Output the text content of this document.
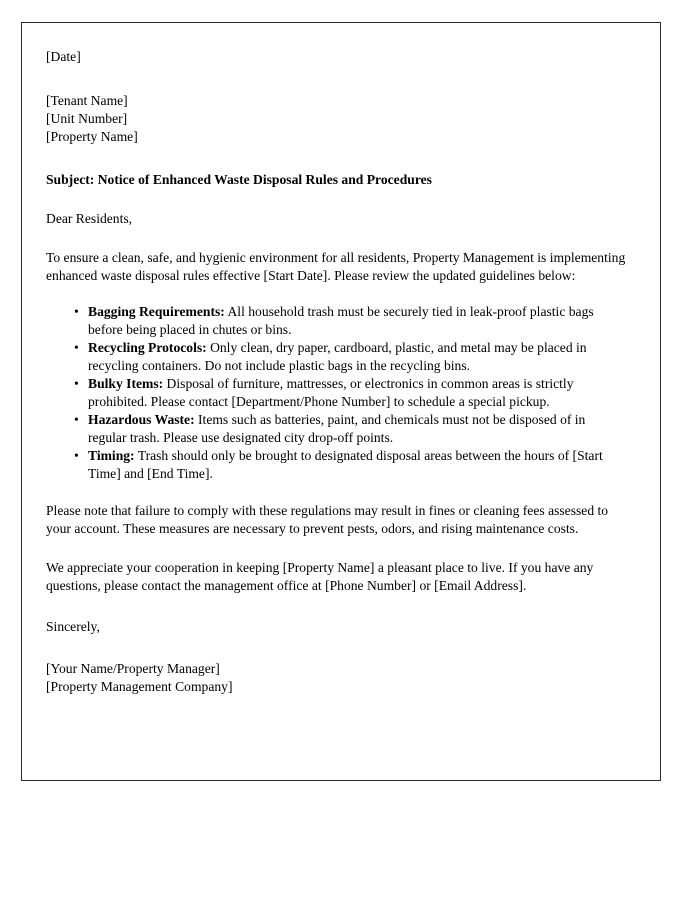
[Date]
[Tenant Name]
[Unit Number]
[Property Name]
Subject: Notice of Enhanced Waste Disposal Rules and Procedures
Dear Residents,
To ensure a clean, safe, and hygienic environment for all residents, Property Management is implementing enhanced waste disposal rules effective [Start Date]. Please review the updated guidelines below:
• Bagging Requirements: All household trash must be securely tied in leak-proof plastic bags before being placed in chutes or bins.
• Recycling Protocols: Only clean, dry paper, cardboard, plastic, and metal may be placed in recycling containers. Do not include plastic bags in the recycling bins.
• Bulky Items: Disposal of furniture, mattresses, or electronics in common areas is strictly prohibited. Please contact [Department/Phone Number] to schedule a special pickup.
• Hazardous Waste: Items such as batteries, paint, and chemicals must not be disposed of in regular trash. Please use designated city drop-off points.
• Timing: Trash should only be brought to designated disposal areas between the hours of [Start Time] and [End Time].
Please note that failure to comply with these regulations may result in fines or cleaning fees assessed to your account. These measures are necessary to prevent pests, odors, and rising maintenance costs.
We appreciate your cooperation in keeping [Property Name] a pleasant place to live. If you have any questions, please contact the management office at [Phone Number] or [Email Address].
Sincerely,
[Your Name/Property Manager]
[Property Management Company]
